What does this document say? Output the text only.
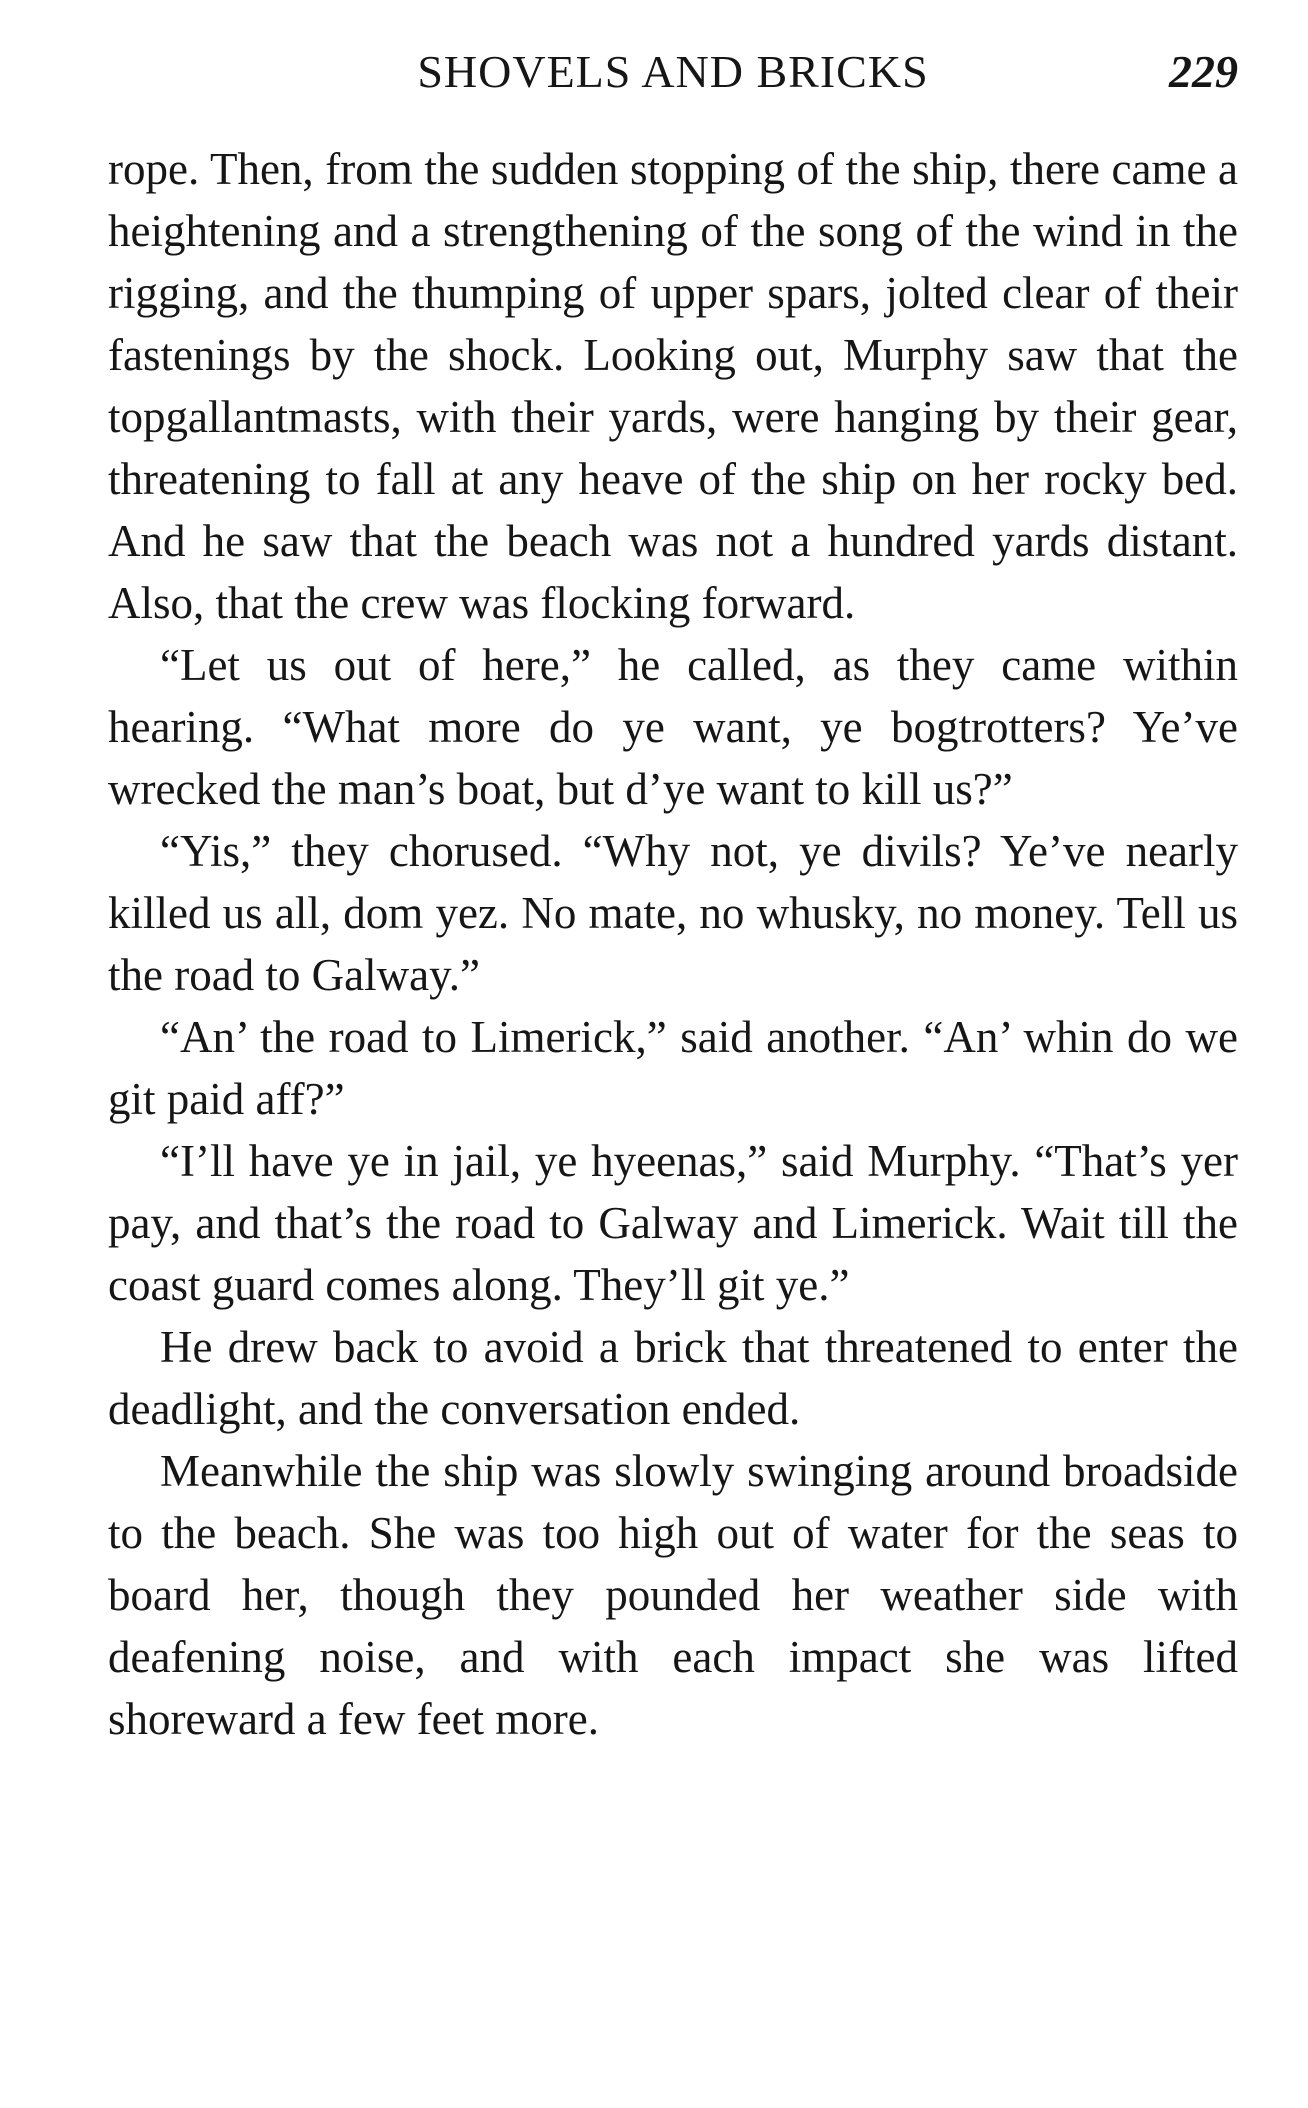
SHOVELS AND BRICKS	229

rope. Then, from the sudden stopping of the ship, there came a heightening and a strengthening of the song of the wind in the rigging, and the thumping of upper spars, jolted clear of their fastenings by the shock. Looking out, Murphy saw that the topgallantmasts, with their yards, were hanging by their gear, threatening to fall at any heave of the ship on her rocky bed. And he saw that the beach was not a hundred yards distant. Also, that the crew was flocking forward.

“Let us out of here,” he called, as they came within hearing. “What more do ye want, ye bogtrotters? Ye’ve wrecked the man’s boat, but d’ye want to kill us?”

“Yis,” they chorused. “Why not, ye divils? Ye’ve nearly killed us all, dom yez. No mate, no whusky, no money. Tell us the road to Galway.”

“An’ the road to Limerick,” said another. “An’ whin do we git paid aff?”

“I’ll have ye in jail, ye hyeenas,” said Murphy. “That’s yer pay, and that’s the road to Galway and Limerick. Wait till the coast guard comes along. They’ll git ye.”

He drew back to avoid a brick that threatened to enter the deadlight, and the conversation ended.

Meanwhile the ship was slowly swinging around broadside to the beach. She was too high out of water for the seas to board her, though they pounded her weather side with deafening noise, and with each impact she was lifted shoreward a few feet more.
